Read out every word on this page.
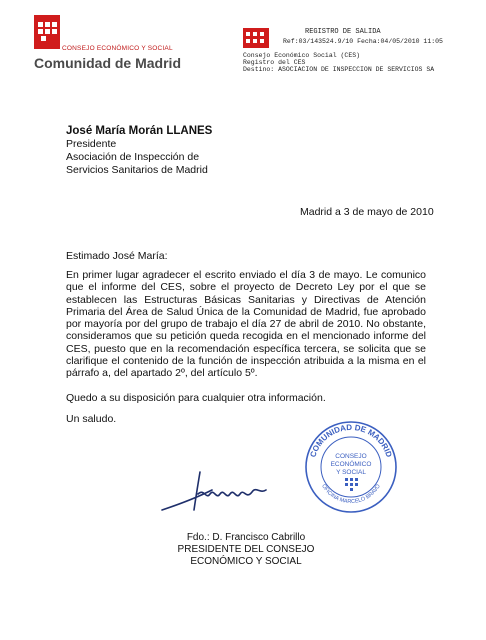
CONSEJO ECONÓMICO Y SOCIAL
Comunidad de Madrid
REGISTRO DE SALIDA
Ref:03/143524.9/10 Fecha:04/05/2010 11:05
Consejo Económico Social (CES)
Registro del CES
Destino: ASOCIACION DE INSPECCION DE SERVICIOS SA
José María Morán LLANES
Presidente
Asociación de Inspección de
Servicios Sanitarios de Madrid
Madrid a 3 de mayo de 2010
Estimado José María:
En primer lugar agradecer el escrito enviado el día 3 de mayo. Le comunico que el informe del CES, sobre el proyecto de Decreto Ley por el que se establecen las Estructuras Básicas Sanitarias y Directivas de Atención Primaria del Área de Salud Única de la Comunidad de Madrid, fue aprobado por mayoría por del grupo de trabajo el día 27 de abril de 2010. No obstante, consideramos que su petición queda recogida en el mencionado informe del CES, puesto que en la recomendación específica tercera, se solicita que se clarifique el contenido de la función de inspección atribuida a la misma en el párrafo a, del apartado 2º, del artículo 5º.
Quedo a su disposición para cualquier otra información.
Un saludo.
COMUNIDAD DE MADRID
OFICINA MARCELO BRAVO
CONSEJO
ECONÓMICO
Y SOCIAL
Fdo.: D. Francisco Cabrillo
PRESIDENTE DEL CONSEJO
ECONÓMICO Y SOCIAL
